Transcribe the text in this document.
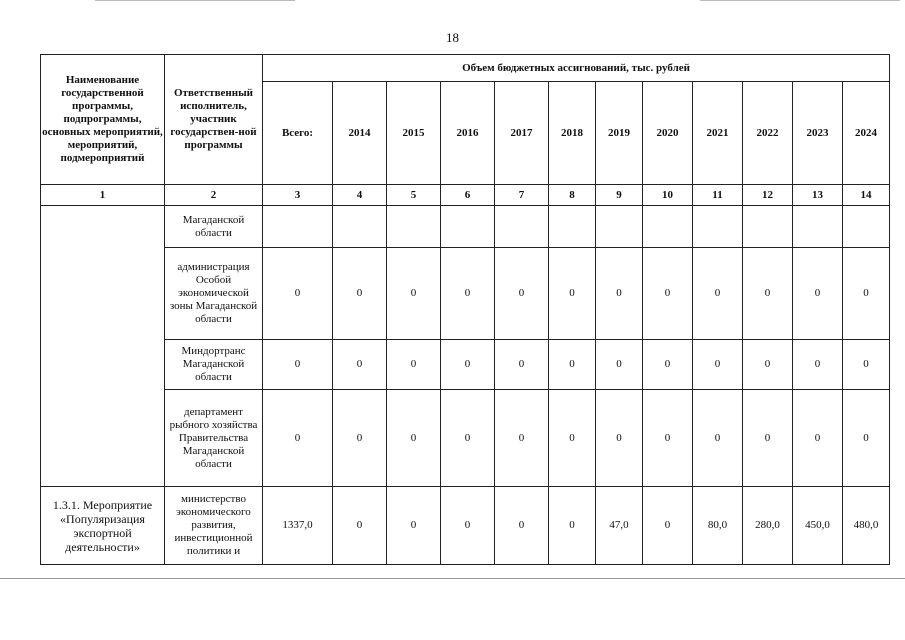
18
Наименование государственной программы, подпрограммы, основных мероприятий, мероприятий, подмероприятий	Ответственный исполнитель, участник государствен-ной программы	Объем бюджетных ассигнований, тыс. рублей											
		Всего:	2014	2015	2016	2017	2018	2019	2020	2021	2022	2023	2024
1	2	3	4	5	6	7	8	9	10	11	12	13	14
	Магаданской области												
	администрация Особой экономической зоны Магаданской области	0	0	0	0	0	0	0	0	0	0	0	0
	Миндортранс Магаданской области	0	0	0	0	0	0	0	0	0	0	0	0
	департамент рыбного хозяйства Правительства Магаданской области	0	0	0	0	0	0	0	0	0	0	0	0
1.3.1. Мероприятие «Популяризация экспортной деятельности»	министерство экономического развития, инвестиционной политики и	1337,0	0	0	0	0	0	47,0	0	80,0	280,0	450,0	480,0
